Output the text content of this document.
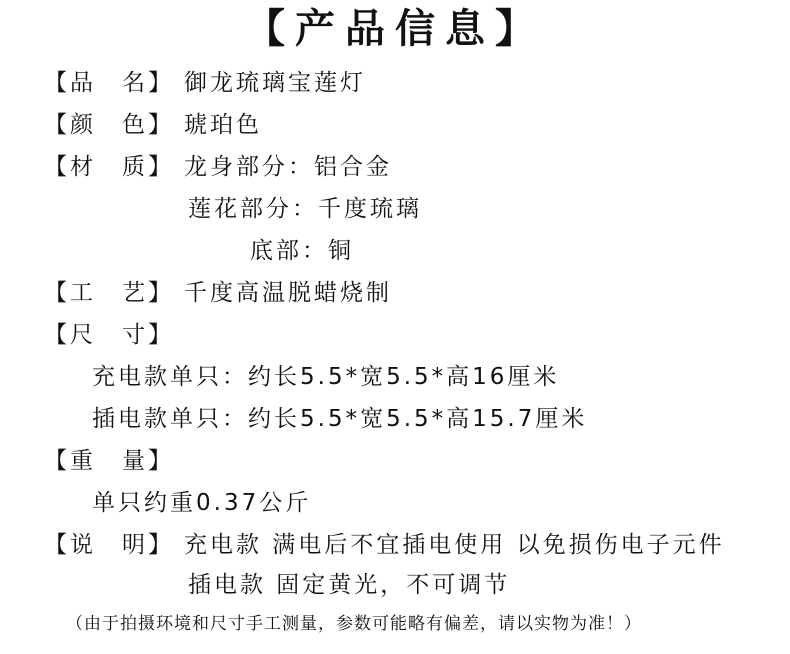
【产品信息】
【品　名】 御龙琉璃宝莲灯
【颜　色】 琥珀色
【材　质】 龙身部分：铝合金
莲花部分：千度琉璃
底部：铜
【工　艺】 千度高温脱蜡烧制
【尺　寸】
充电款单只：约长5.5*宽5.5*高16厘米
插电款单只：约长5.5*宽5.5*高15.7厘米
【重　量】
单只约重0.37公斤
【说　明】 充电款 满电后不宜插电使用 以免损伤电子元件
插电款 固定黄光，不可调节
（由于拍摄环境和尺寸手工测量，参数可能略有偏差，请以实物为准！）
